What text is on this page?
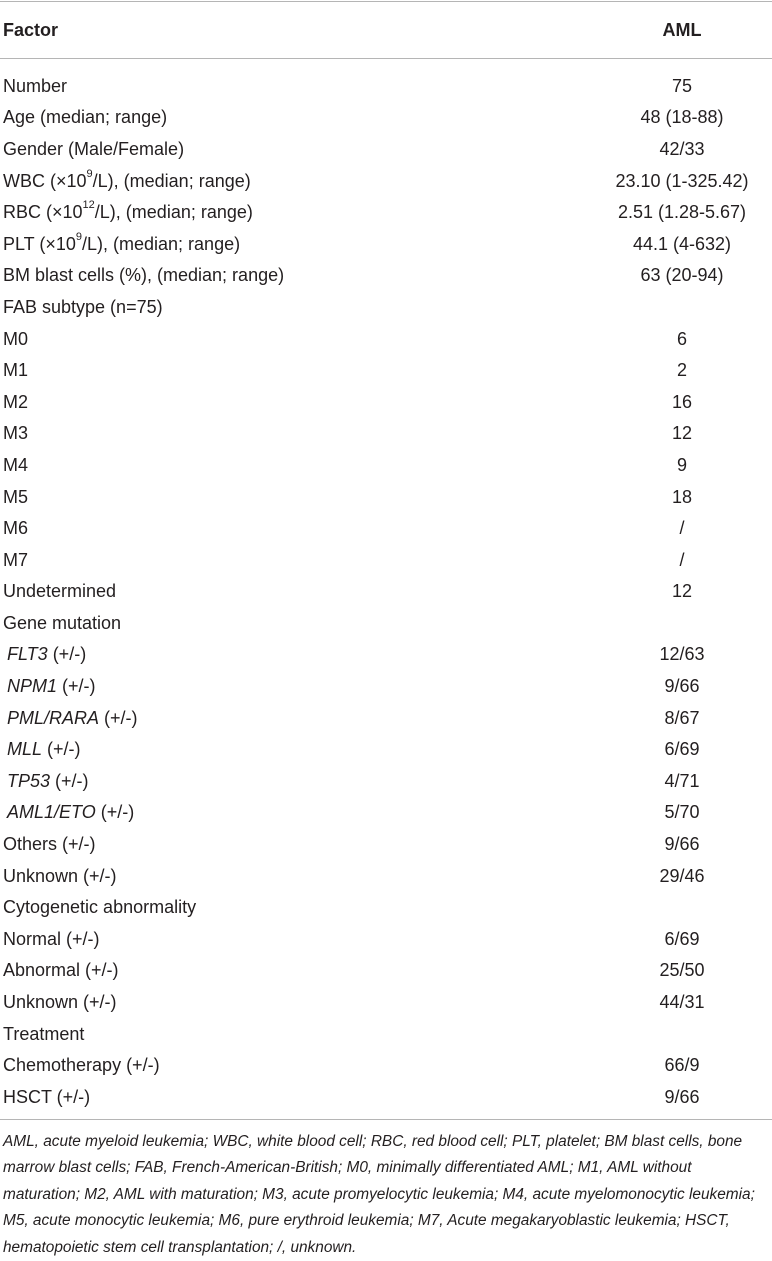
Factor	AML
Number	75
Age (median; range)	48 (18-88)
Gender (Male/Female)	42/33
WBC $(\times 10^9/L)$, (median; range)	23.10 (1-325.42)
RBC $(\times 10^{12}/L)$, (median; range)	2.51 (1.28-5.67)
PLT $(\times 10^9/L)$, (median; range)	44.1 (4-632)
BM blast cells (%), (median; range)	63 (20-94)
FAB subtype (n=75)
M0	6
M1	2
M2	16
M3	12
M4	9
M5	18
M6	/
M7	/
Undetermined	12
Gene mutation
FLT3 (+/-)	12/63
NPM1 (+/-)	9/66
PML/RARA (+/-)	8/67
MLL (+/-)	6/69
TP53 (+/-)	4/71
AML1/ETO (+/-)	5/70
Others (+/-)	9/66
Unknown (+/-)	29/46
Cytogenetic abnormality
Normal (+/-)	6/69
Abnormal (+/-)	25/50
Unknown (+/-)	44/31
Treatment
Chemotherapy (+/-)	66/9
HSCT (+/-)	9/66
AML, acute myeloid leukemia; WBC, white blood cell; RBC, red blood cell; PLT, platelet; BM blast cells, bone marrow blast cells; FAB, French-American-British; M0, minimally differentiated AML; M1, AML without maturation; M2, AML with maturation; M3, acute promyelocytic leukemia; M4, acute myelomonocytic leukemia; M5, acute monocytic leukemia; M6, pure erythroid leukemia; M7, Acute megakaryoblastic leukemia; HSCT, hematopoietic stem cell transplantation; /, unknown.
